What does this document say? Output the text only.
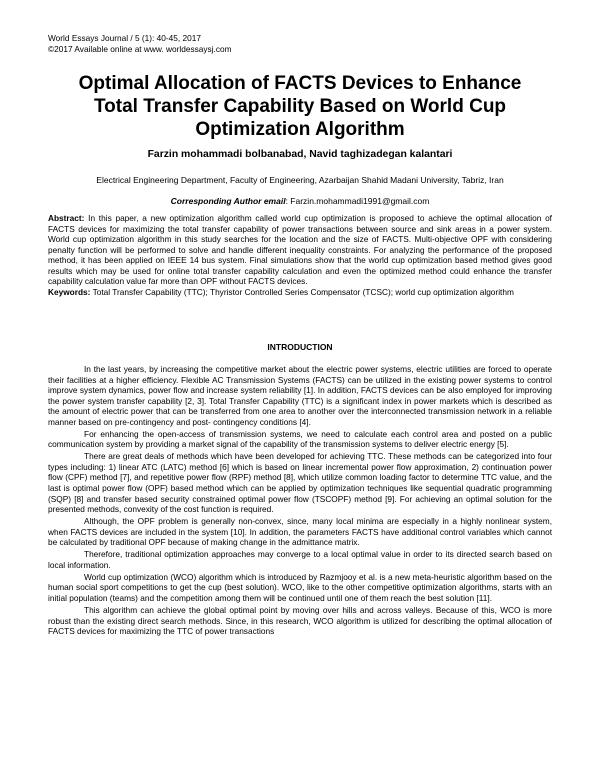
World Essays Journal / 5 (1): 40-45, 2017
©2017 Available online at www. worldessaysj.com
Optimal Allocation of FACTS Devices to Enhance
Total Transfer Capability Based on World Cup
Optimization Algorithm
Farzin mohammadi bolbanabad, Navid taghizadegan kalantari
Electrical Engineering Department, Faculty of Engineering, Azarbaijan Shahid Madani University, Tabriz, Iran
Corresponding Author email: Farzin.mohammadi1991@gmail.com

Abstract: In this paper, a new optimization algorithm called world cup optimization is proposed to achieve the optimal allocation of FACTS devices for maximizing the total transfer capability of power transactions between source and sink areas in a power system. World cup optimization algorithm in this study searches for the location and the size of FACTS. Multi-objective OPF with considering penalty function will be performed to solve and handle different inequality constraints. For analyzing the performance of the proposed method, it has been applied on IEEE 14 bus system. Final simulations show that the world cup optimization based method gives good results which may be used for online total transfer capability calculation and even the optimized method could enhance the transfer capability calculation value far more than OPF without FACTS devices.

Keywords: Total Transfer Capability (TTC); Thyristor Controlled Series Compensator (TCSC); world cup optimization algorithm

INTRODUCTION

In the last years, by increasing the competitive market about the electric power systems, electric utilities are forced to operate their facilities at a higher efficiency. Flexible AC Transmission Systems (FACTS) can be utilized in the existing power systems to control improve system dynamics, power flow and increase system reliability [1]. In addition, FACTS devices can be also employed for improving the power system transfer capability [2, 3]. Total Transfer Capability (TTC) is a significant index in power markets which is described as the amount of electric power that can be transferred from one area to another over the interconnected transmission network in a reliable manner based on pre-contingency and post- contingency conditions [4].

For enhancing the open-access of transmission systems, we need to calculate each control area and posted on a public communication system by providing a market signal of the capability of the transmission systems to deliver electric energy [5].

There are great deals of methods which have been developed for achieving TTC. These methods can be categorized into four types including: 1) linear ATC (LATC) method [6] which is based on linear incremental power flow approximation, 2) continuation power flow (CPF) method [7], and repetitive power flow (RPF) method [8], which utilize common loading factor to determine TTC value, and the last is optimal power flow (OPF) based method which can be applied by optimization techniques like sequential quadratic programming (SQP) [8] and transfer based security constrained optimal power flow (TSCOPF) method [9]. For achieving an optimal solution for the presented methods, convexity of the cost function is required.

Although, the OPF problem is generally non-convex, since, many local minima are especially in a highly nonlinear system, when FACTS devices are included in the system [10]. In addition, the parameters FACTS have additional control variables which cannot be calculated by traditional OPF because of making change in the admittance matrix.

Therefore, traditional optimization approaches may converge to a local optimal value in order to its directed search based on local information.

World cup optimization (WCO) algorithm which is introduced by Razmjooy et al. is a new meta-heuristic algorithm based on the human social sport competitions to get the cup (best solution). WCO, like to the other competitive optimization algorithms, starts with an initial population (teams) and the competition among them will be continued until one of them reach the best solution [11].

This algorithm can achieve the global optimal point by moving over hills and across valleys. Because of this, WCO is more robust than the existing direct search methods. Since, in this research, WCO algorithm is utilized for describing the optimal allocation of FACTS devices for maximizing the TTC of power transactions
